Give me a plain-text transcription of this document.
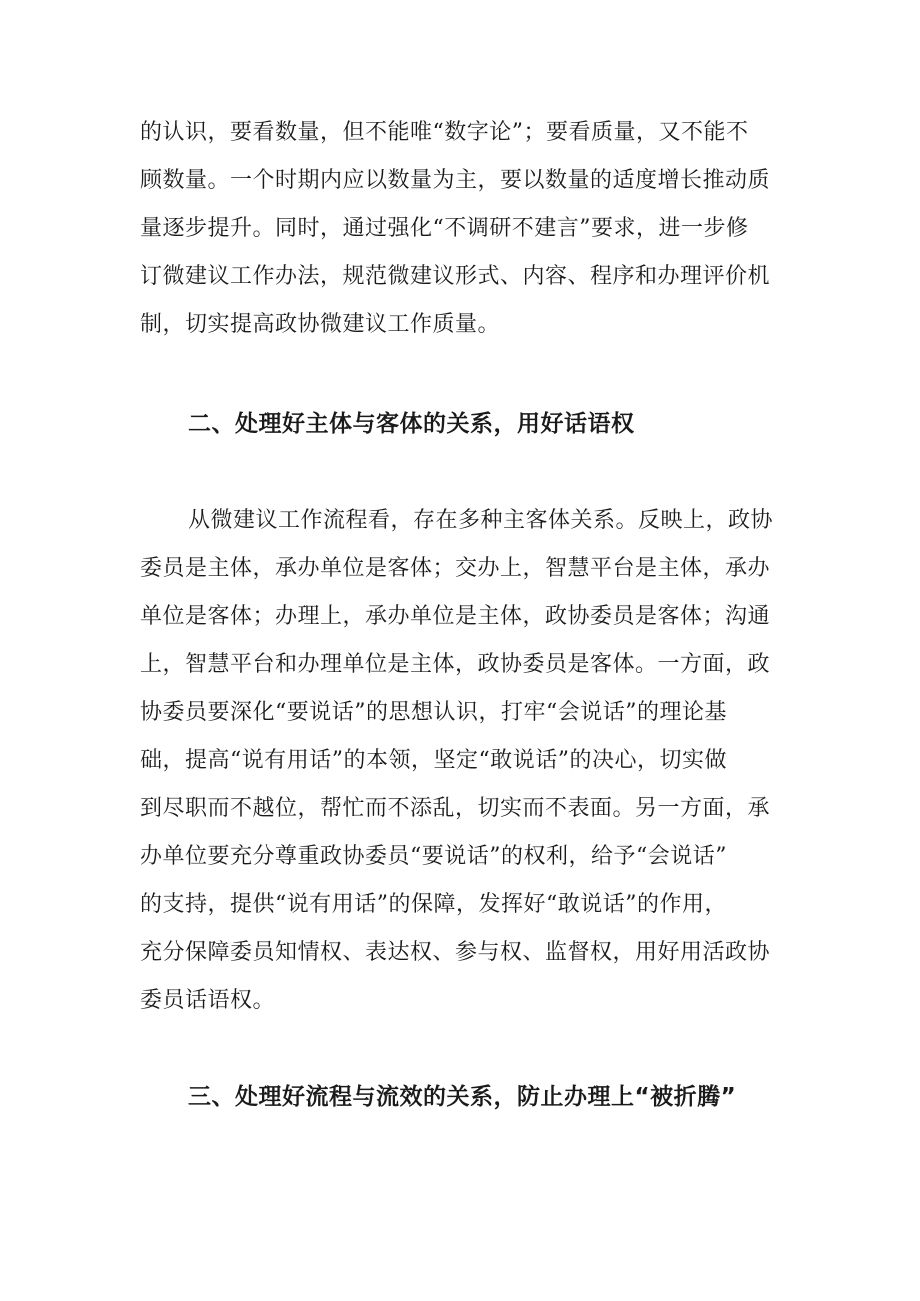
的认识，要看数量，但不能唯“数字论”；要看质量，又不能不
顾数量。一个时期内应以数量为主，要以数量的适度增长推动质
量逐步提升。同时，通过强化“不调研不建言”要求，进一步修
订微建议工作办法，规范微建议形式、内容、程序和办理评价机
制，切实提高政协微建议工作质量。
二、处理好主体与客体的关系，用好话语权
从微建议工作流程看，存在多种主客体关系。反映上，政协
委员是主体，承办单位是客体；交办上，智慧平台是主体，承办
单位是客体；办理上，承办单位是主体，政协委员是客体；沟通
上，智慧平台和办理单位是主体，政协委员是客体。一方面，政
协委员要深化“要说话”的思想认识，打牢“会说话”的理论基
础，提高“说有用话”的本领，坚定“敢说话”的决心，切实做
到尽职而不越位，帮忙而不添乱，切实而不表面。另一方面，承
办单位要充分尊重政协委员“要说话”的权利，给予“会说话”
的支持，提供“说有用话”的保障，发挥好“敢说话”的作用，
充分保障委员知情权、表达权、参与权、监督权，用好用活政协
委员话语权。
三、处理好流程与流效的关系，防止办理上“被折腾”
